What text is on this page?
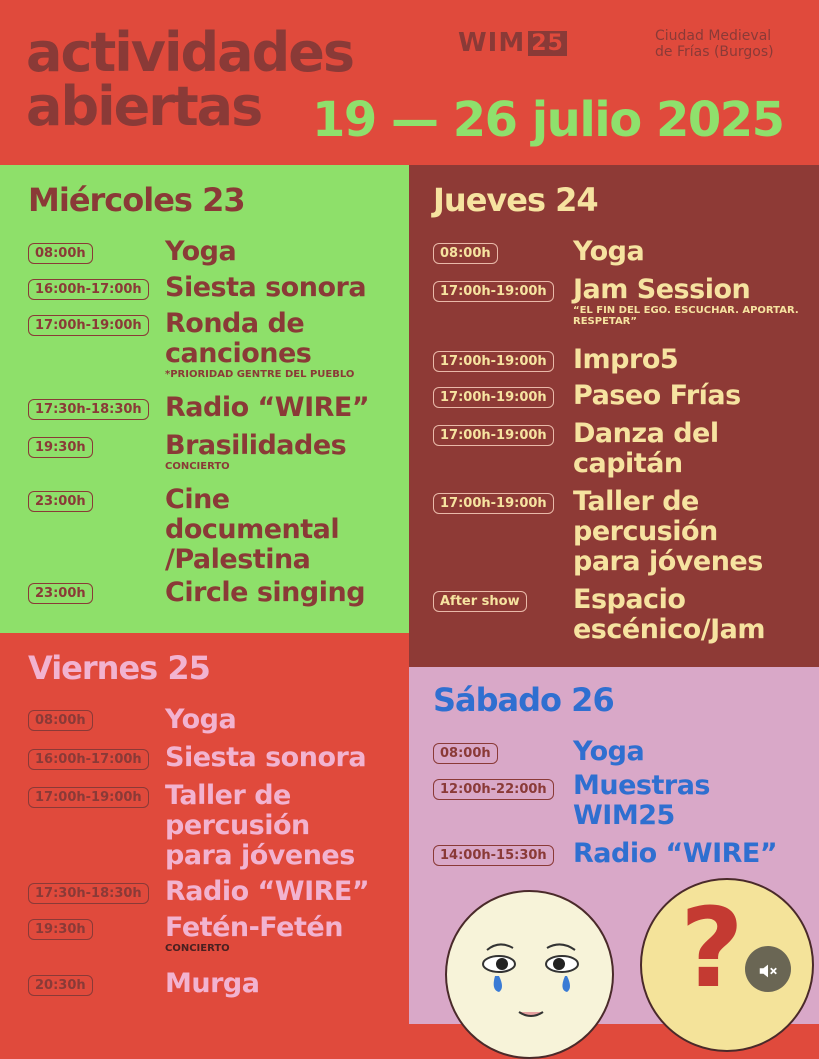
actividades
abiertas	19 — 26 julio 2025
WIM 25	Ciudad Medieval
de Frías (Burgos)
Miércoles 23
08:00h	Yoga
16:00h-17:00h Siesta sonora
17:00h-19:00h Ronda de
canciones
*PRIORIDAD GENTRE DEL PUEBLO
17:30h-18:30h Radio “WIRE”
19:30h	Brasilidades
CONCIERTO
23:00h	Cine
documental
/Palestina
23:00h	Circle singing
Jueves 24
08:00h	Yoga
17:00h-19:00h Jam Session
“EL FIN DEL EGO. ESCUCHAR. APORTAR. RESPETAR”
17:00h-19:00h Impro5
17:00h-19:00h Paseo Frías
17:00h-19:00h Danza del
capitán
17:00h-19:00h Taller de
percusión
para jóvenes
After show Espacio
escénico/Jam
Viernes 25
08:00h	Yoga
16:00h-17:00h Siesta sonora
17:00h-19:00h Taller de
percusión
para jóvenes
17:30h-18:30h Radio “WIRE”
19:30h	Fetén-Fetén
CONCIERTO
20:30h	Murga
Sábado 26
08:00h	Yoga
12:00h-22:00h Muestras
WIM25
14:00h-15:30h Radio “WIRE”
?
